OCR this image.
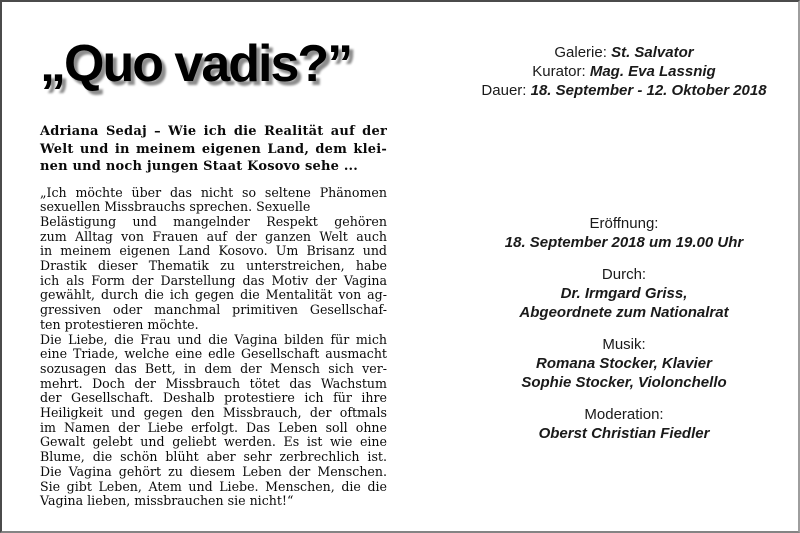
„Quo vadis?”
Adriana Sedaj – Wie ich die Realität auf der
Welt und in meinem eigenen Land, dem klei-
nen und noch jungen Staat Kosovo sehe ...
„Ich möchte über das nicht so seltene Phänomen
sexuellen Missbrauchs sprechen. Sexuelle
Belästigung und mangelnder Respekt gehören
zum Alltag von Frauen auf der ganzen Welt auch
in meinem eigenen Land Kosovo. Um Brisanz und
Drastik dieser Thematik zu unterstreichen, habe
ich als Form der Darstellung das Motiv der Vagina
gewählt, durch die ich gegen die Mentalität von ag-
gressiven oder manchmal primitiven Gesellschaf-
ten protestieren möchte.
Die Liebe, die Frau und die Vagina bilden für mich
eine Triade, welche eine edle Gesellschaft ausmacht
sozusagen das Bett, in dem der Mensch sich ver-
mehrt. Doch der Missbrauch tötet das Wachstum
der Gesellschaft. Deshalb protestiere ich für ihre
Heiligkeit und gegen den Missbrauch, der oftmals
im Namen der Liebe erfolgt. Das Leben soll ohne
Gewalt gelebt und geliebt werden. Es ist wie eine
Blume, die schön blüht aber sehr zerbrechlich ist.
Die Vagina gehört zu diesem Leben der Menschen.
Sie gibt Leben, Atem und Liebe. Menschen, die die
Vagina lieben, missbrauchen sie nicht!“
Galerie: St. Salvator
Kurator: Mag. Eva Lassnig
Dauer: 18. September - 12. Oktober 2018
Eröffnung:
18. September 2018 um 19.00 Uhr
Durch:
Dr. Irmgard Griss,
Abgeordnete zum Nationalrat
Musik:
Romana Stocker, Klavier
Sophie Stocker, Violonchello
Moderation:
Oberst Christian Fiedler
